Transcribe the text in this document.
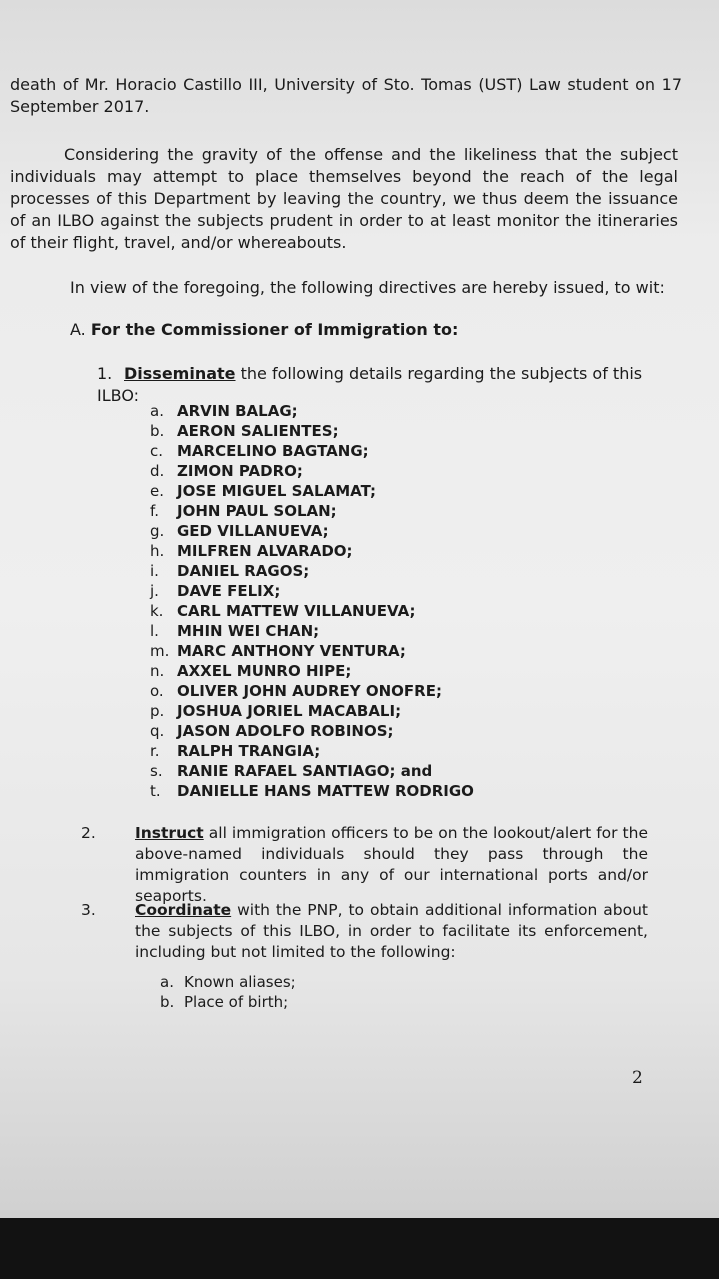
death of Mr. Horacio Castillo III, University of Sto. Tomas (UST) Law student on 17 September 2017.

Considering the gravity of the offense and the likeliness that the subject individuals may attempt to place themselves beyond the reach of the legal processes of this Department by leaving the country, we thus deem the issuance of an ILBO against the subjects prudent in order to at least monitor the itineraries of their flight, travel, and/or whereabouts.

In view of the foregoing, the following directives are hereby issued, to wit:

A. For the Commissioner of Immigration to:
1. Disseminate the following details regarding the subjects of this ILBO:
a. ARVIN BALAG;
b. AERON SALIENTES;
c. MARCELINO BAGTANG;
d. ZIMON PADRO;
e. JOSE MIGUEL SALAMAT;
f. JOHN PAUL SOLAN;
g. GED VILLANUEVA;
h. MILFREN ALVARADO;
i. DANIEL RAGOS;
j. DAVE FELIX;
k. CARL MATTEW VILLANUEVA;
l. MHIN WEI CHAN;
m. MARC ANTHONY VENTURA;
n. AXXEL MUNRO HIPE;
o. OLIVER JOHN AUDREY ONOFRE;
p. JOSHUA JORIEL MACABALI;
q. JASON ADOLFO ROBINOS;
r. RALPH TRANGIA;
s. RANIE RAFAEL SANTIAGO; and
t. DANIELLE HANS MATTEW RODRIGO
2.	Instruct all immigration officers to be on the lookout/alert for the above-named individuals should they pass through the immigration counters in any of our international ports and/or seaports.
3.	Coordinate with the PNP, to obtain additional information about the subjects of this ILBO, in order to facilitate its enforcement, including but not limited to the following:
a. Known aliases;
b. Place of birth;
2
